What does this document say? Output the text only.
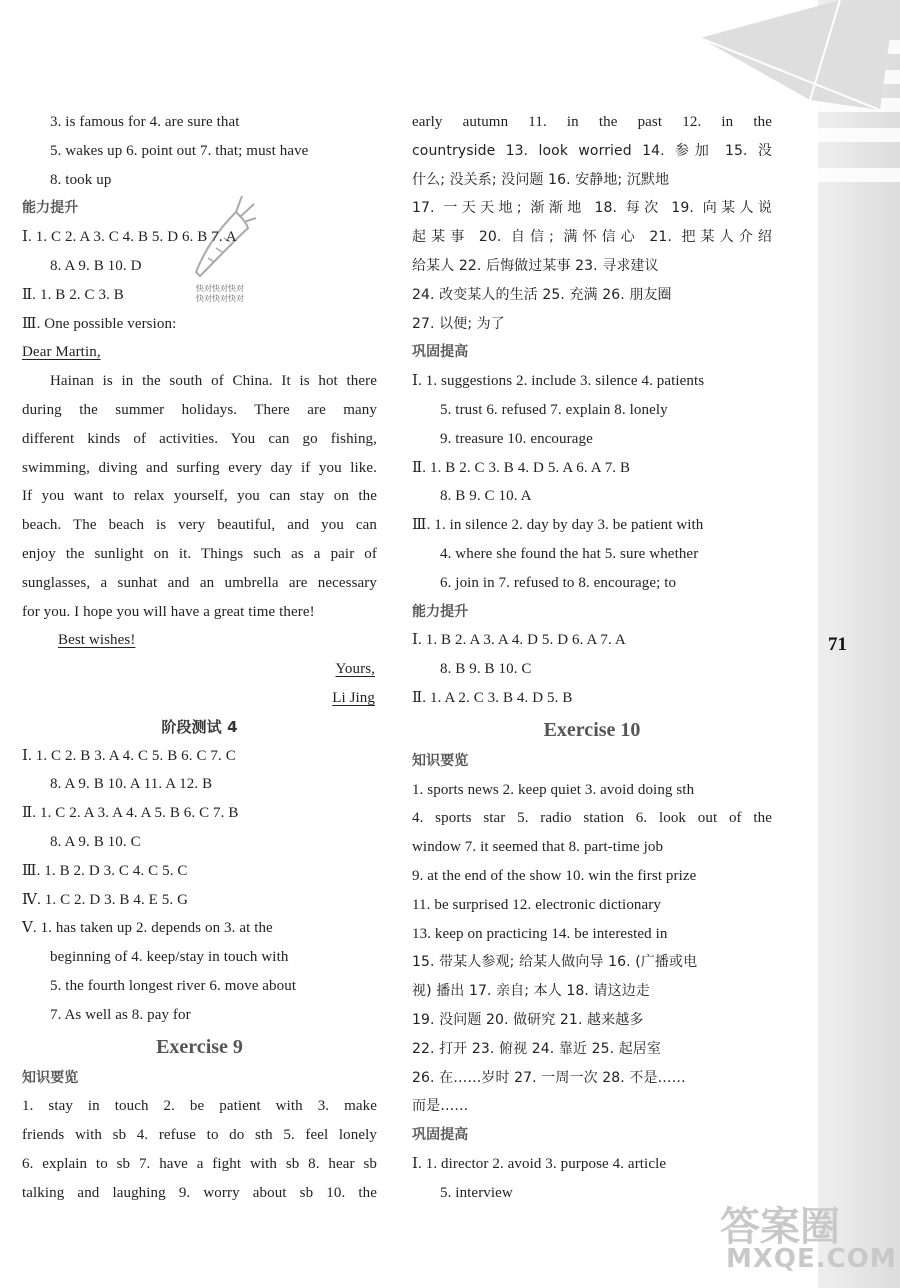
71
快对快对快对
快对快对快对
3. is famous for 4. are sure that
5. wakes up 6. point out 7. that; must have
8. took up
能力提升
Ⅰ. 1. C 2. A 3. C 4. B 5. D 6. B 7. A
8. A 9. B 10. D
Ⅱ. 1. B 2. C 3. B
Ⅲ. One possible version:
Dear Martin,
Hainan is in the south of China. It is hot there
during the summer holidays. There are many
different kinds of activities. You can go fishing,
swimming, diving and surfing every day if you like.
If you want to relax yourself, you can stay on the
beach. The beach is very beautiful, and you can
enjoy the sunlight on it. Things such as a pair of
sunglasses, a sunhat and an umbrella are necessary
for you. I hope you will have a great time there!
Best wishes!
Yours,
Li Jing
阶段测试 4
Ⅰ. 1. C 2. B 3. A 4. C 5. B 6. C 7. C
8. A 9. B 10. A 11. A 12. B
Ⅱ. 1. C 2. A 3. A 4. A 5. B 6. C 7. B
8. A 9. B 10. C
Ⅲ. 1. B 2. D 3. C 4. C 5. C
Ⅳ. 1. C 2. D 3. B 4. E 5. G
Ⅴ. 1. has taken up 2. depends on 3. at the
beginning of 4. keep/stay in touch with
5. the fourth longest river 6. move about
7. As well as 8. pay for
Exercise 9
知识要览
1. stay in touch 2. be patient with 3. make
friends with sb 4. refuse to do sth 5. feel lonely
6. explain to sb 7. have a fight with sb 8. hear sb
talking and laughing 9. worry about sb 10. the
early autumn 11. in the past 12. in the
countryside 13. look worried 14. 参加 15. 没
什么; 没关系; 没问题 16. 安静地; 沉默地
17. 一天天地; 渐渐地 18. 每次 19. 向某人说
起某事 20. 自信; 满怀信心 21. 把某人介绍
给某人 22. 后悔做过某事 23. 寻求建议
24. 改变某人的生活 25. 充满 26. 朋友圈
27. 以便; 为了
巩固提高
Ⅰ. 1. suggestions 2. include 3. silence 4. patients
5. trust 6. refused 7. explain 8. lonely
9. treasure 10. encourage
Ⅱ. 1. B 2. C 3. B 4. D 5. A 6. A 7. B
8. B 9. C 10. A
Ⅲ. 1. in silence 2. day by day 3. be patient with
4. where she found the hat 5. sure whether
6. join in 7. refused to 8. encourage; to
能力提升
Ⅰ. 1. B 2. A 3. A 4. D 5. D 6. A 7. A
8. B 9. B 10. C
Ⅱ. 1. A 2. C 3. B 4. D 5. B
Exercise 10
知识要览
1. sports news 2. keep quiet 3. avoid doing sth
4. sports star 5. radio station 6. look out of the
window 7. it seemed that 8. part-time job
9. at the end of the show 10. win the first prize
11. be surprised 12. electronic dictionary
13. keep on practicing 14. be interested in
15. 带某人参观; 给某人做向导 16. (广播或电
视) 播出 17. 亲自; 本人 18. 请这边走
19. 没问题 20. 做研究 21. 越来越多
22. 打开 23. 俯视 24. 靠近 25. 起居室
26. 在……岁时 27. 一周一次 28. 不是……
而是……
巩固提高
Ⅰ. 1. director 2. avoid 3. purpose 4. article
5. interview
答案圈
MXQE.COM
